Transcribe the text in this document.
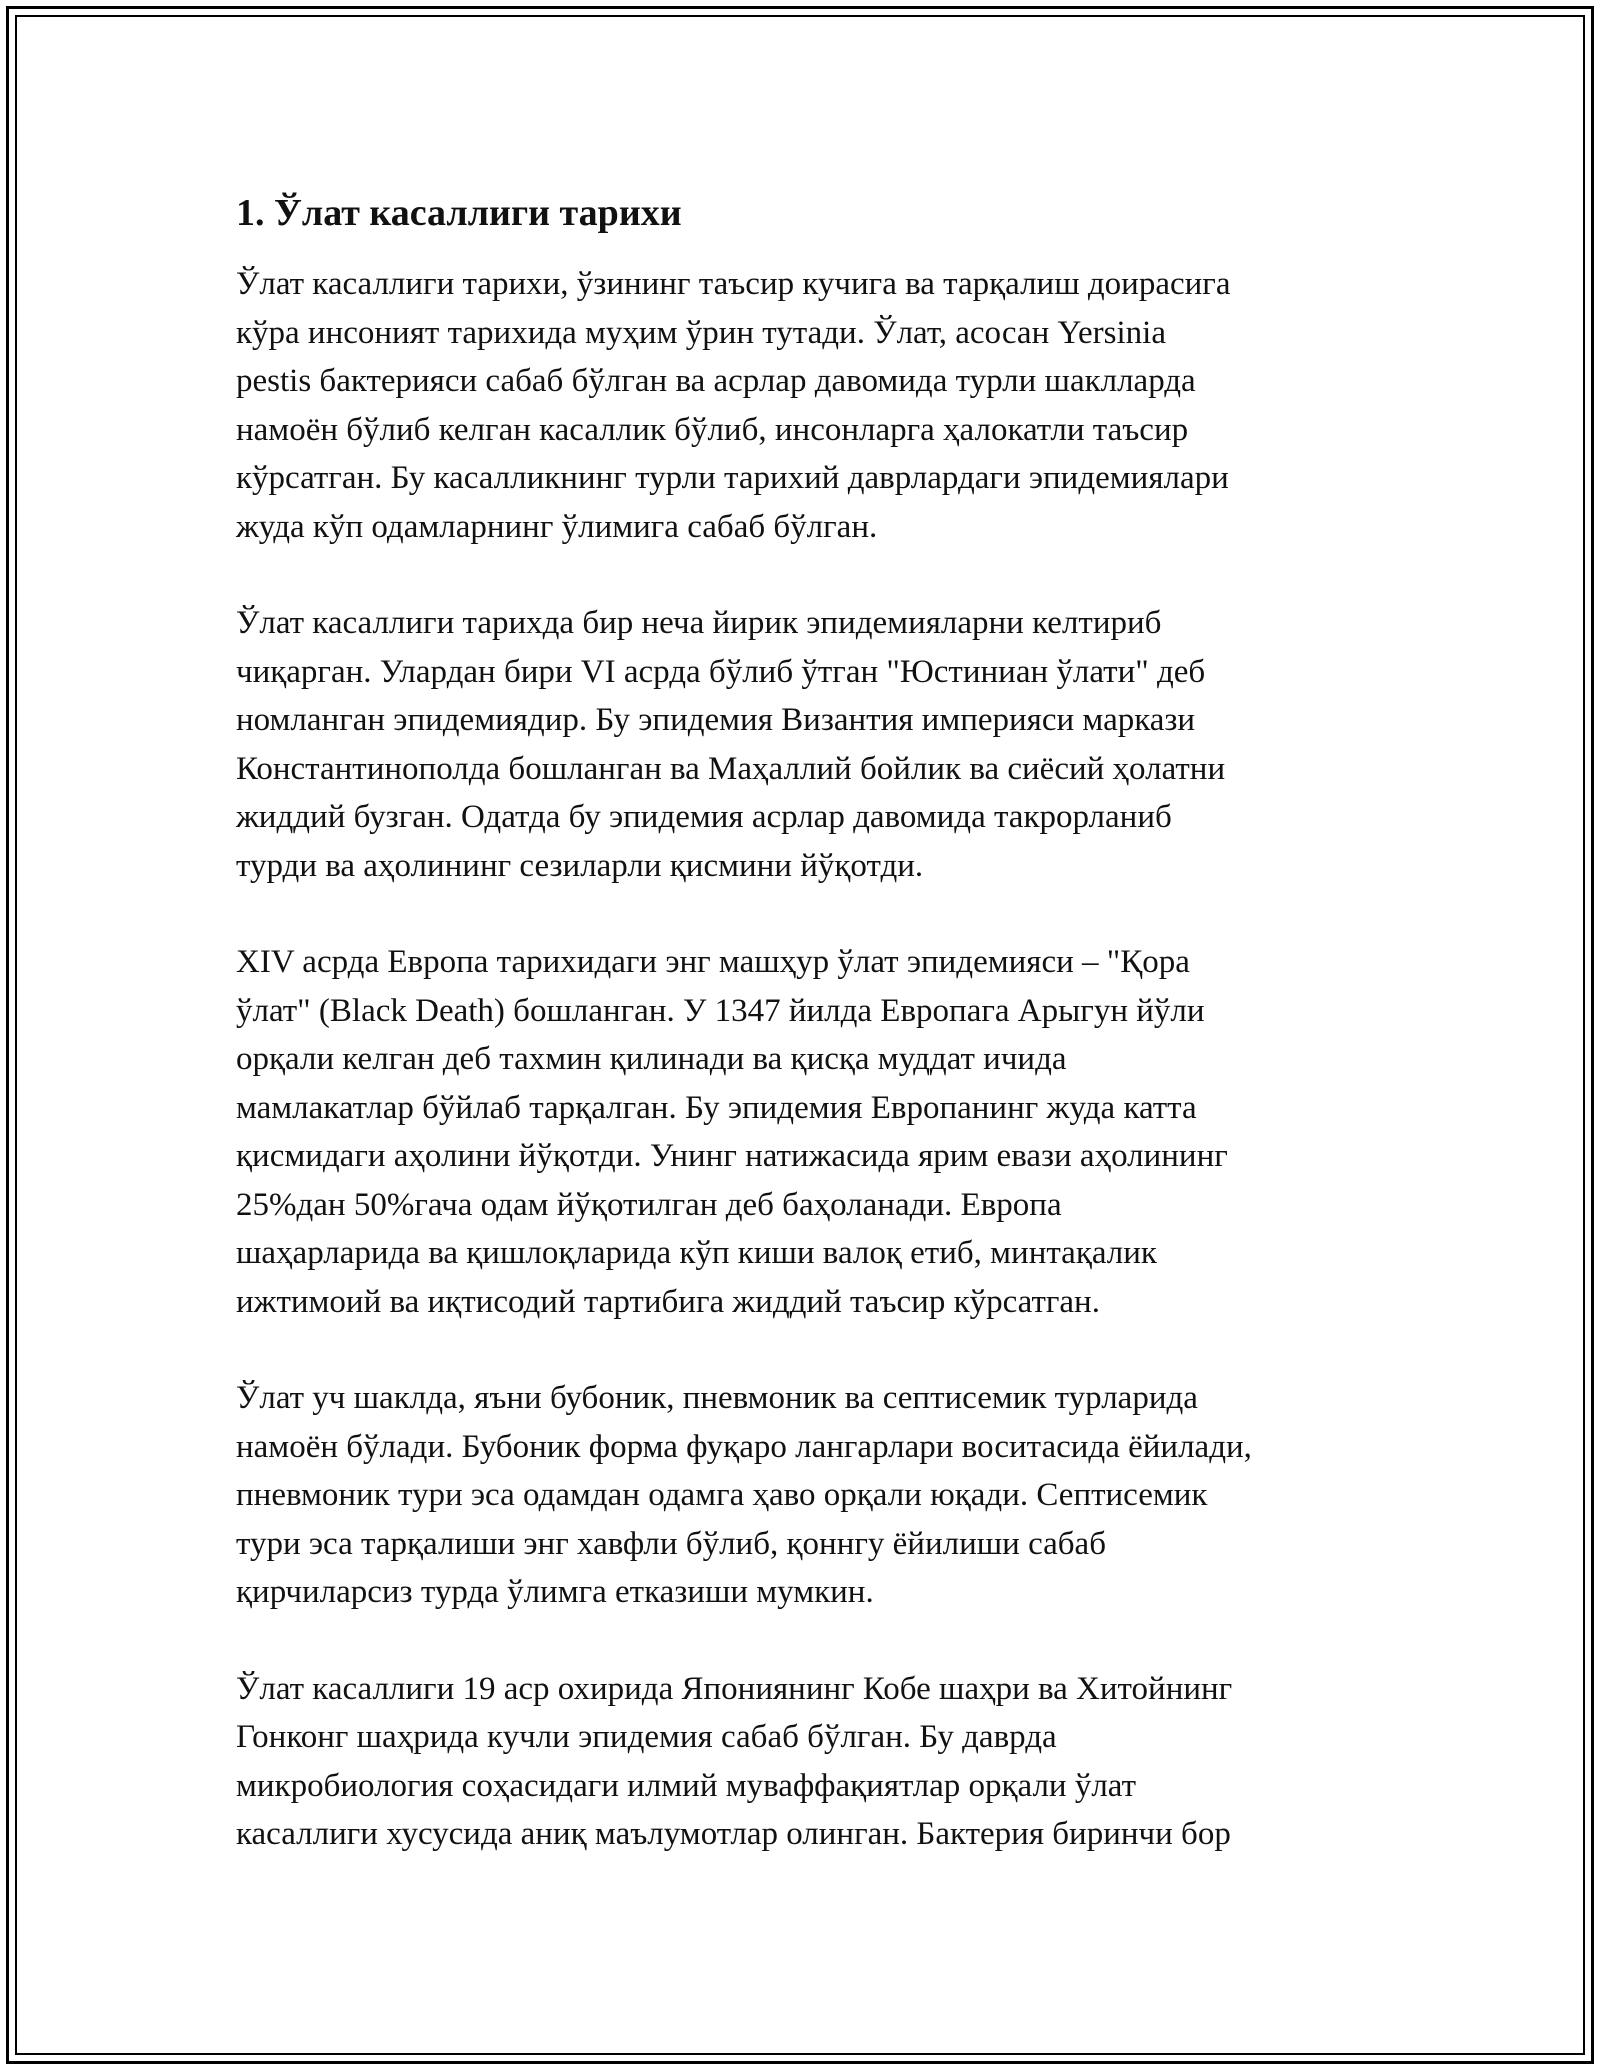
1. Ўлат касаллиги тарихи
Ўлат касаллиги тарихи, ўзининг таъсир кучига ва тарқалиш доирасига
кўра инсоният тарихида муҳим ўрин тутади. Ўлат, асосан Yersinia
pestis бактерияси сабаб бўлган ва асрлар давомида турли шаклларда
намоён бўлиб келган касаллик бўлиб, инсонларга ҳалокатли таъсир
кўрсатган. Бу касалликнинг турли тарихий даврлардаги эпидемиялари
жуда кўп одамларнинг ўлимига сабаб бўлган.
Ўлат касаллиги тарихда бир неча йирик эпидемияларни келтириб
чиқарган. Улардан бири VI асрда бўлиб ўтган "Юстиниан ўлати" деб
номланган эпидемиядир. Бу эпидемия Византия империяси маркази
Константинополда бошланган ва Маҳаллий бойлик ва сиёсий ҳолатни
жиддий бузган. Одатда бу эпидемия асрлар давомида такрорланиб
турди ва аҳолининг сезиларли қисмини йўқотди.
XIV асрда Европа тарихидаги энг машҳур ўлат эпидемияси – "Қора
ўлат" (Black Death) бошланган. У 1347 йилда Европага Арыгун йўли
орқали келган деб тахмин қилинади ва қисқа муддат ичида
мамлакатлар бўйлаб тарқалган. Бу эпидемия Европанинг жуда катта
қисмидаги аҳолини йўқотди. Унинг натижасида ярим евази аҳолининг
25%дан 50%гача одам йўқотилган деб баҳоланади. Европа
шаҳарларида ва қишлоқларида кўп киши валоқ етиб, минтақалик
ижтимоий ва иқтисодий тартибига жиддий таъсир кўрсатган.
Ўлат уч шаклда, яъни бубоник, пневмоник ва септисемик турларида
намоён бўлади. Бубоник форма фуқаро лангарлари воситасида ёйилади,
пневмоник тури эса одамдан одамга ҳаво орқали юқади. Септисемик
тури эса тарқалиши энг хавфли бўлиб, қоннгу ёйилиши сабаб
қирчиларсиз турда ўлимга етказиши мумкин.
Ўлат касаллиги 19 аср охирида Япониянинг Кобе шаҳри ва Хитойнинг
Гонконг шаҳрида кучли эпидемия сабаб бўлган. Бу даврда
микробиология соҳасидаги илмий муваффақиятлар орқали ўлат
касаллиги хусусида аниқ маълумотлар олинган. Бактерия биринчи бор
